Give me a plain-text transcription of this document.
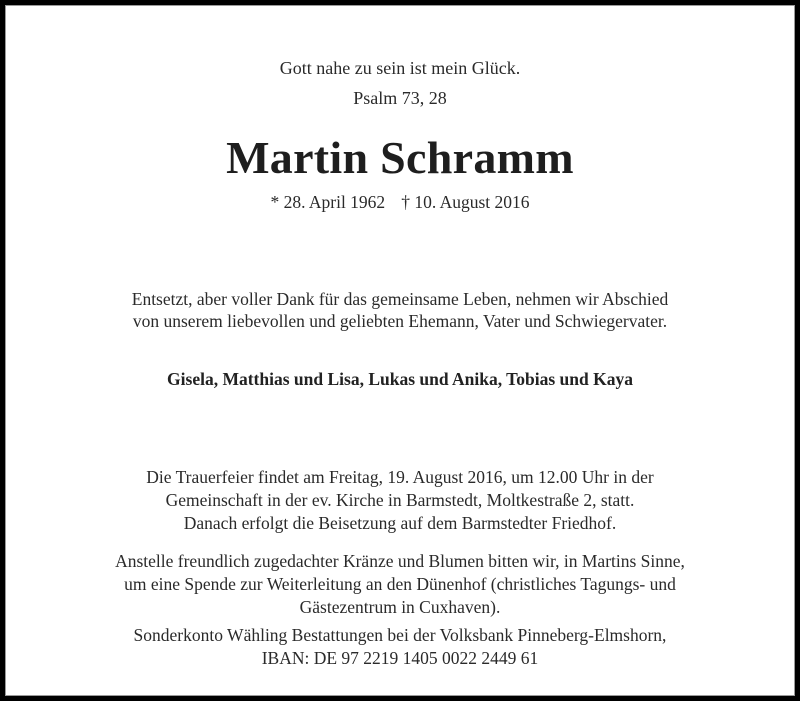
Gott nahe zu sein ist mein Glück.
Psalm 73, 28
Martin Schramm
* 28. April 1962 † 10. August 2016
Entsetzt, aber voller Dank für das gemeinsame Leben, nehmen wir Abschied
von unserem liebevollen und geliebten Ehemann, Vater und Schwiegervater.
Gisela, Matthias und Lisa, Lukas und Anika, Tobias und Kaya
Die Trauerfeier findet am Freitag, 19. August 2016, um 12.00 Uhr in der
Gemeinschaft in der ev. Kirche in Barmstedt, Moltkestraße 2, statt.
Danach erfolgt die Beisetzung auf dem Barmstedter Friedhof.
Anstelle freundlich zugedachter Kränze und Blumen bitten wir, in Martins Sinne,
um eine Spende zur Weiterleitung an den Dünenhof (christliches Tagungs- und
Gästezentrum in Cuxhaven).
Sonderkonto Wähling Bestattungen bei der Volksbank Pinneberg-Elmshorn,
IBAN: DE 97 2219 1405 0022 2449 61
